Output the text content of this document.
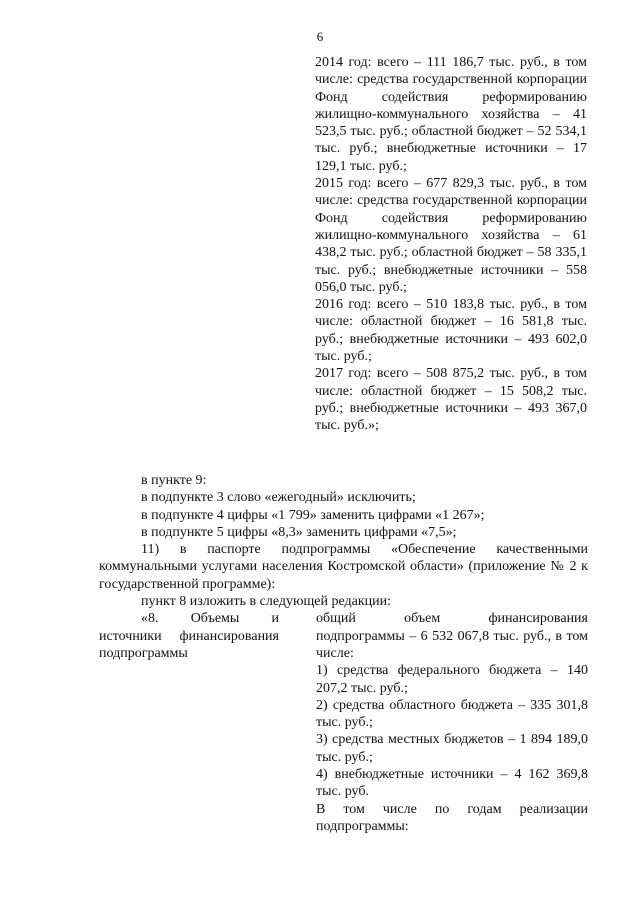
6

2014 год: всего – 111 186,7 тыс. руб., в том числе: средства государственной корпорации Фонд содействия реформированию жилищно-коммунального хозяйства – 41 523,5 тыс. руб.; областной бюджет – 52 534,1 тыс. руб.; внебюджетные источники – 17 129,1 тыс. руб.;

2015 год: всего – 677 829,3 тыс. руб., в том числе: средства государственной корпорации Фонд содействия реформированию жилищно-коммунального хозяйства – 61 438,2 тыс. руб.; областной бюджет – 58 335,1 тыс. руб.; внебюджетные источники – 558 056,0 тыс. руб.;

2016 год: всего – 510 183,8 тыс. руб., в том числе: областной бюджет – 16 581,8 тыс. руб.; внебюджетные источники – 493 602,0 тыс. руб.;

2017 год: всего – 508 875,2 тыс. руб., в том числе: областной бюджет – 15 508,2 тыс. руб.; внебюджетные источники – 493 367,0 тыс. руб.»;

в пункте 9:

в подпункте 3 слово «ежегодный» исключить;

в подпункте 4 цифры «1 799» заменить цифрами «1 267»;

в подпункте 5 цифры «8,3» заменить цифрами «7,5»;

11) в паспорте подпрограммы «Обеспечение качественными коммунальными услугами населения Костромской области» (приложение № 2 к государственной программе):

пункт 8 изложить в следующей редакции:

«8. Объемы и источники финансирования подпрограммы

общий объем финансирования подпрограммы – 6 532 067,8 тыс. руб., в том числе:

1) средства федерального бюджета – 140 207,2 тыс. руб.;

2) средства областного бюджета – 335 301,8 тыс. руб.;

3) средства местных бюджетов – 1 894 189,0 тыс. руб.;

4) внебюджетные источники – 4 162 369,8 тыс. руб.

В том числе по годам реализации подпрограммы:
